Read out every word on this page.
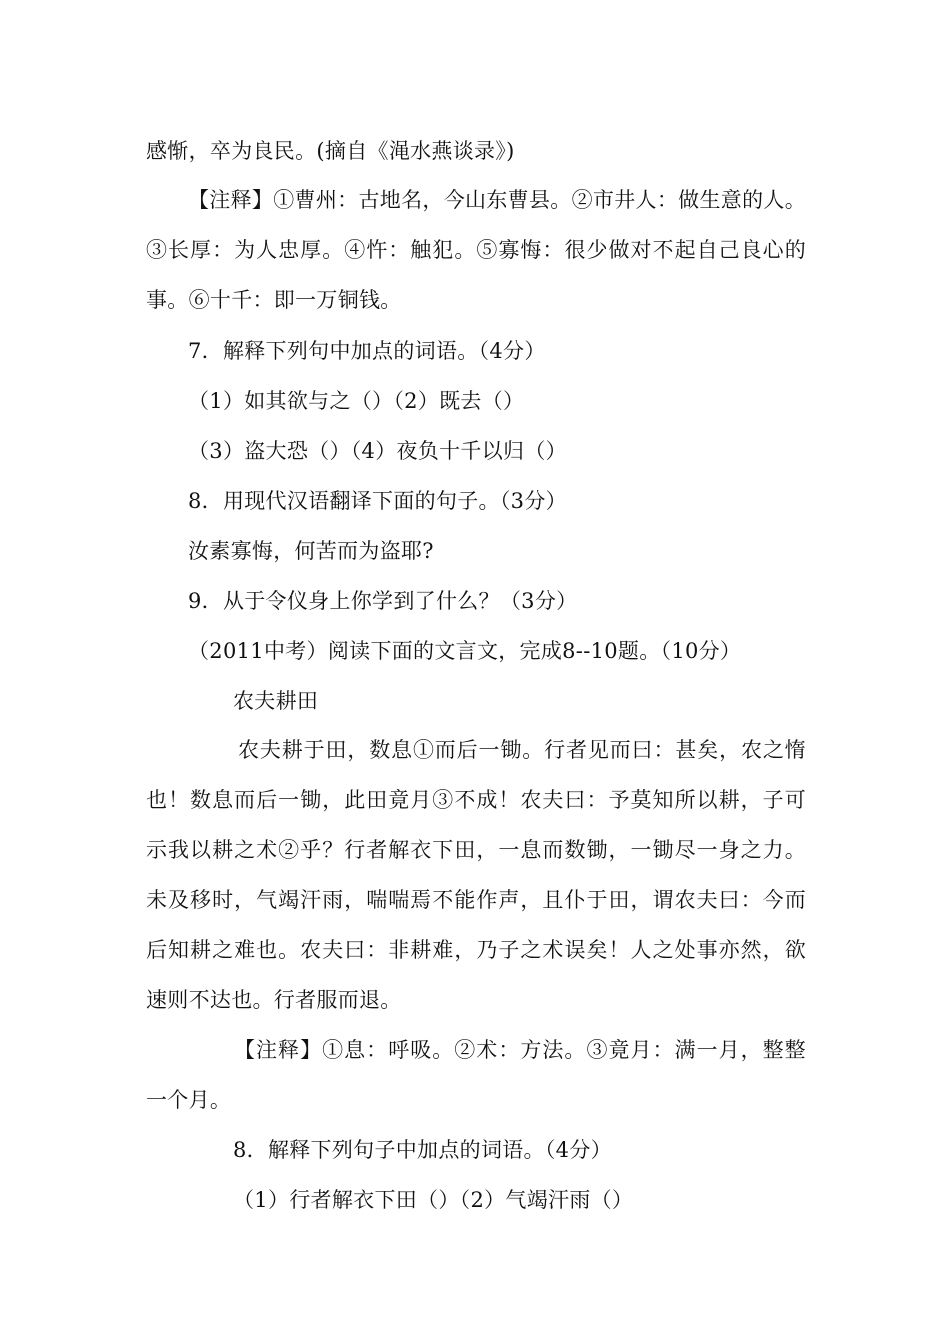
感惭，卒为良民。(摘自《渑水燕谈录》)

【注释】①曹州：古地名，今山东曹县。②市井人：做生意的人。③长厚：为人忠厚。④忤：触犯。⑤寡悔：很少做对不起自己良心的事。⑥十千：即一万铜钱。

7．解释下列句中加点的词语。（4分）

（1）如其欲与之（）（2）既去（）

（3）盗大恐（）（4）夜负十千以归（）

8．用现代汉语翻译下面的句子。（3分）

汝素寡悔，何苦而为盗耶?

9．从于令仪身上你学到了什么？（3分）

（2011中考）阅读下面的文言文，完成8--10题。（10分）

农夫耕田

农夫耕于田，数息①而后一锄。行者见而曰：甚矣，农之惰也！数息而后一锄，此田竟月③不成！农夫曰：予莫知所以耕，子可示我以耕之术②乎？行者解衣下田，一息而数锄，一锄尽一身之力。未及移时，气竭汗雨，喘喘焉不能作声，且仆于田，谓农夫曰：今而后知耕之难也。农夫曰：非耕难，乃子之术误矣！人之处事亦然，欲速则不达也。行者服而退。

【注释】①息：呼吸。②术：方法。③竟月：满一月，整整一个月。

8．解释下列句子中加点的词语。（4分）

（1）行者解衣下田（）（2）气竭汗雨（）
